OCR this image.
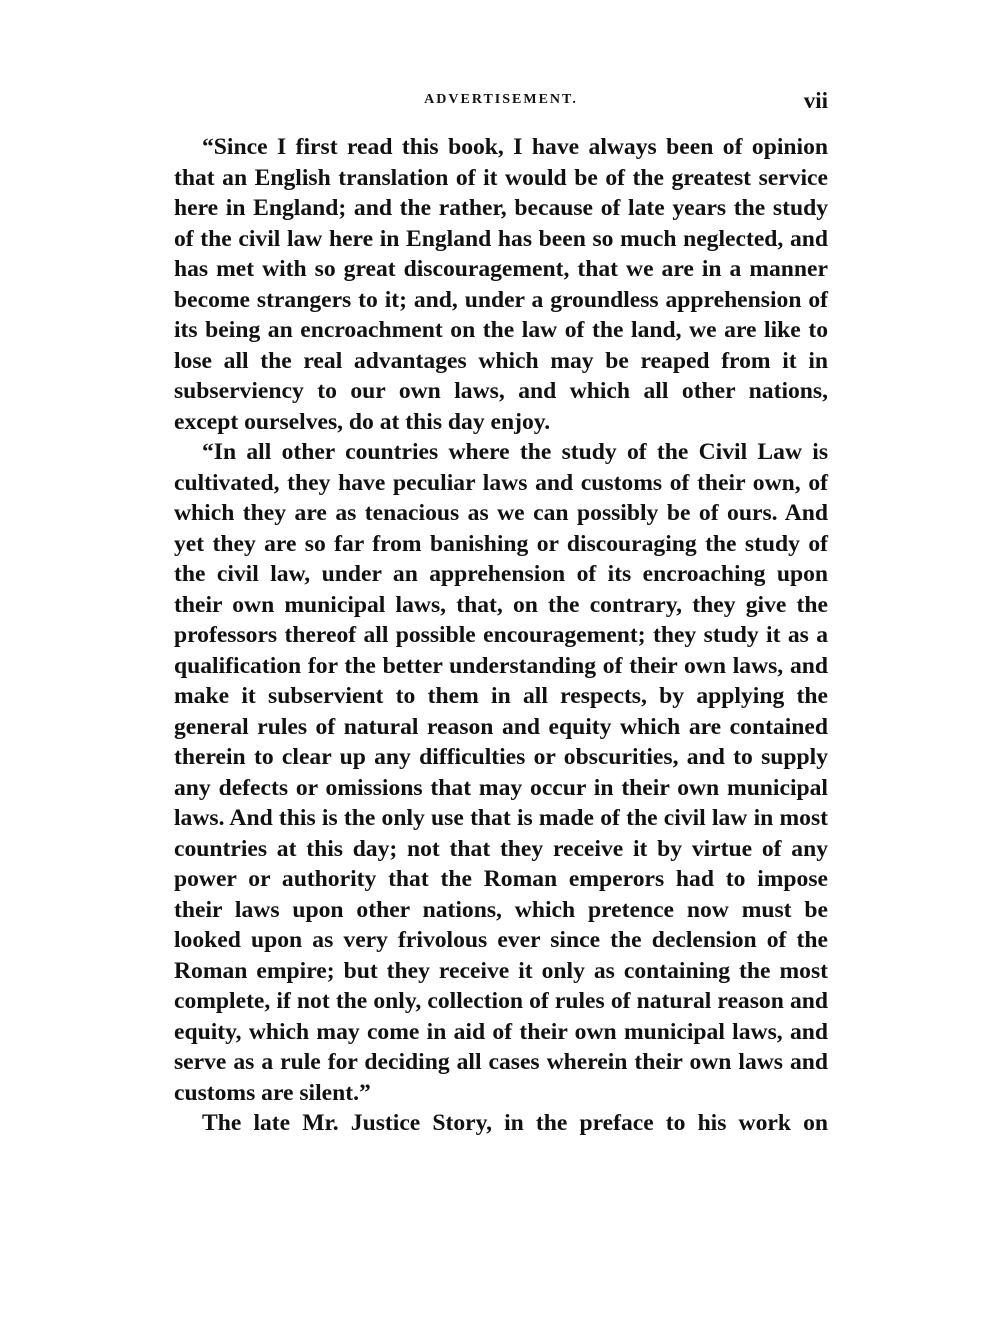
ADVERTISEMENT.	vii

“Since I first read this book, I have always been of opinion that an English translation of it would be of the greatest service here in England; and the rather, because of late years the study of the civil law here in England has been so much neglected, and has met with so great discouragement, that we are in a manner become strangers to it; and, under a groundless apprehension of its being an encroachment on the law of the land, we are like to lose all the real advantages which may be reaped from it in subserviency to our own laws, and which all other nations, except ourselves, do at this day enjoy.

“In all other countries where the study of the Civil Law is cultivated, they have peculiar laws and customs of their own, of which they are as tenacious as we can possibly be of ours. And yet they are so far from banishing or discouraging the study of the civil law, under an apprehension of its encroaching upon their own municipal laws, that, on the contrary, they give the professors thereof all possible encouragement; they study it as a qualification for the better understanding of their own laws, and make it subservient to them in all respects, by applying the general rules of natural reason and equity which are contained therein to clear up any difficulties or obscurities, and to supply any defects or omissions that may occur in their own municipal laws. And this is the only use that is made of the civil law in most countries at this day; not that they receive it by virtue of any power or authority that the Roman emperors had to impose their laws upon other nations, which pretence now must be looked upon as very frivolous ever since the declension of the Roman empire; but they receive it only as containing the most complete, if not the only, collection of rules of natural reason and equity, which may come in aid of their own municipal laws, and serve as a rule for deciding all cases wherein their own laws and customs are silent.”

The late Mr. Justice Story, in the preface to his work on
